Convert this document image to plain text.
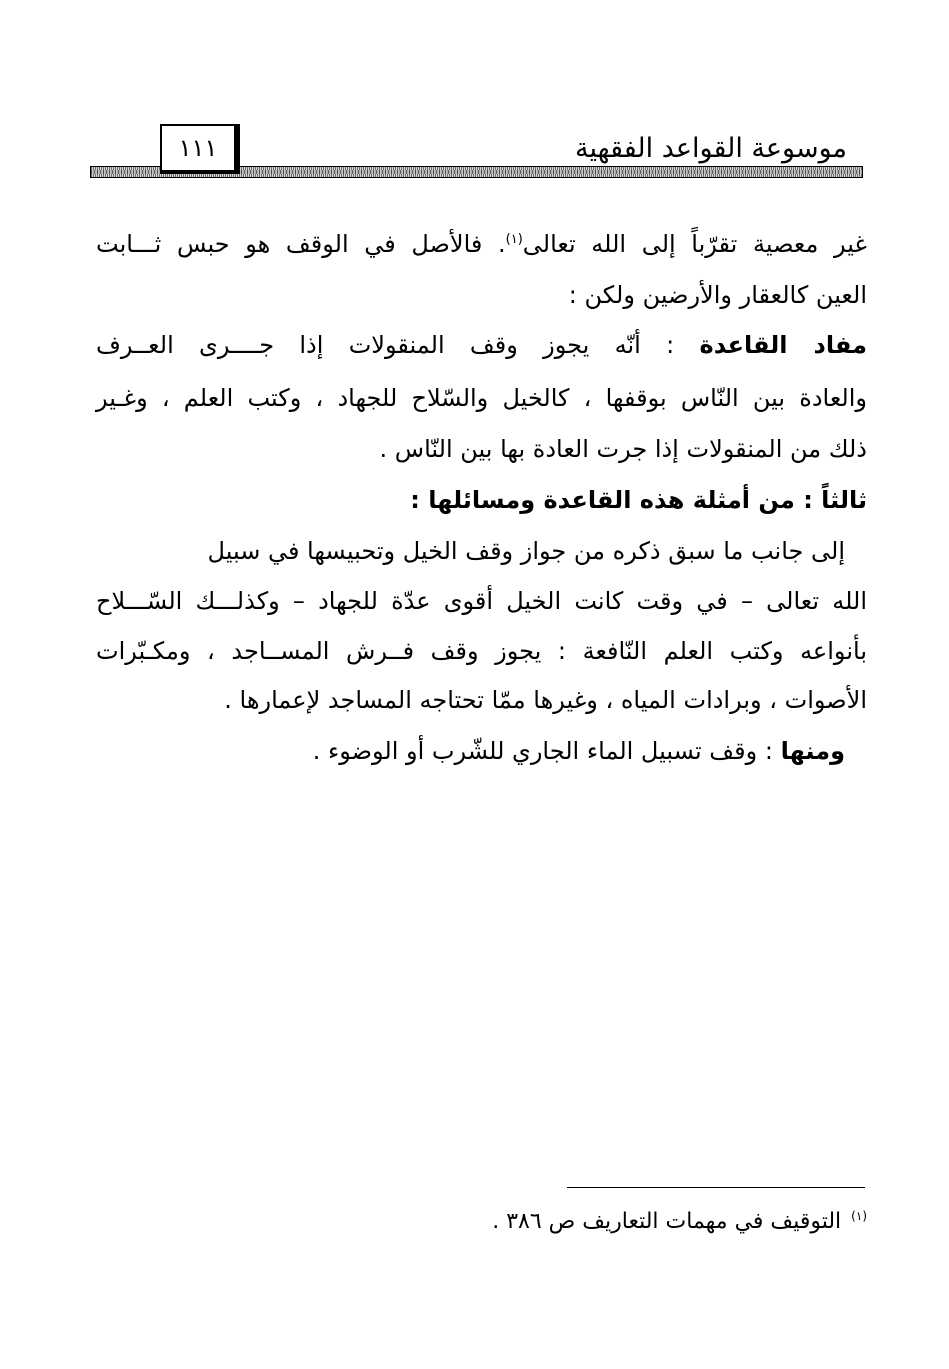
موسوعة القواعد الفقهية
١١١
غير معصية تقرّباً إلى الله تعالى$^{(١)}$. فالأصل في الوقف هو حبس ثـــابت
العين كالعقار والأرضين ولكن :
مفاد القاعدة : أنّه يجوز وقف المنقولات إذا جــــرى العــرف
والعادة بين النّاس بوقفها ، كالخيل والسّلاح للجهاد ، وكتب العلم ، وغـير
ذلك من المنقولات إذا جرت العادة بها بين النّاس .
ثالثاً : من أمثلة هذه القاعدة ومسائلها :
إلى جانب ما سبق ذكره من جواز وقف الخيل وتحبيسها في سبيل
الله تعالى – في وقت كانت الخيل أقوى عدّة للجهاد – وكذلـــك السّـــلاح
بأنواعه وكتب العلم النّافعة : يجوز وقف فــرش المســاجد ، ومكـبّرات
الأصوات ، وبرادات المياه ، وغيرها ممّا تحتاجه المساجد لإعمارها .
ومنها : وقف تسبيل الماء الجاري للشّرب أو الوضوء .
$^{(١)}$التوقيف في مهمات التعاريف ص ٣٨٦ .
